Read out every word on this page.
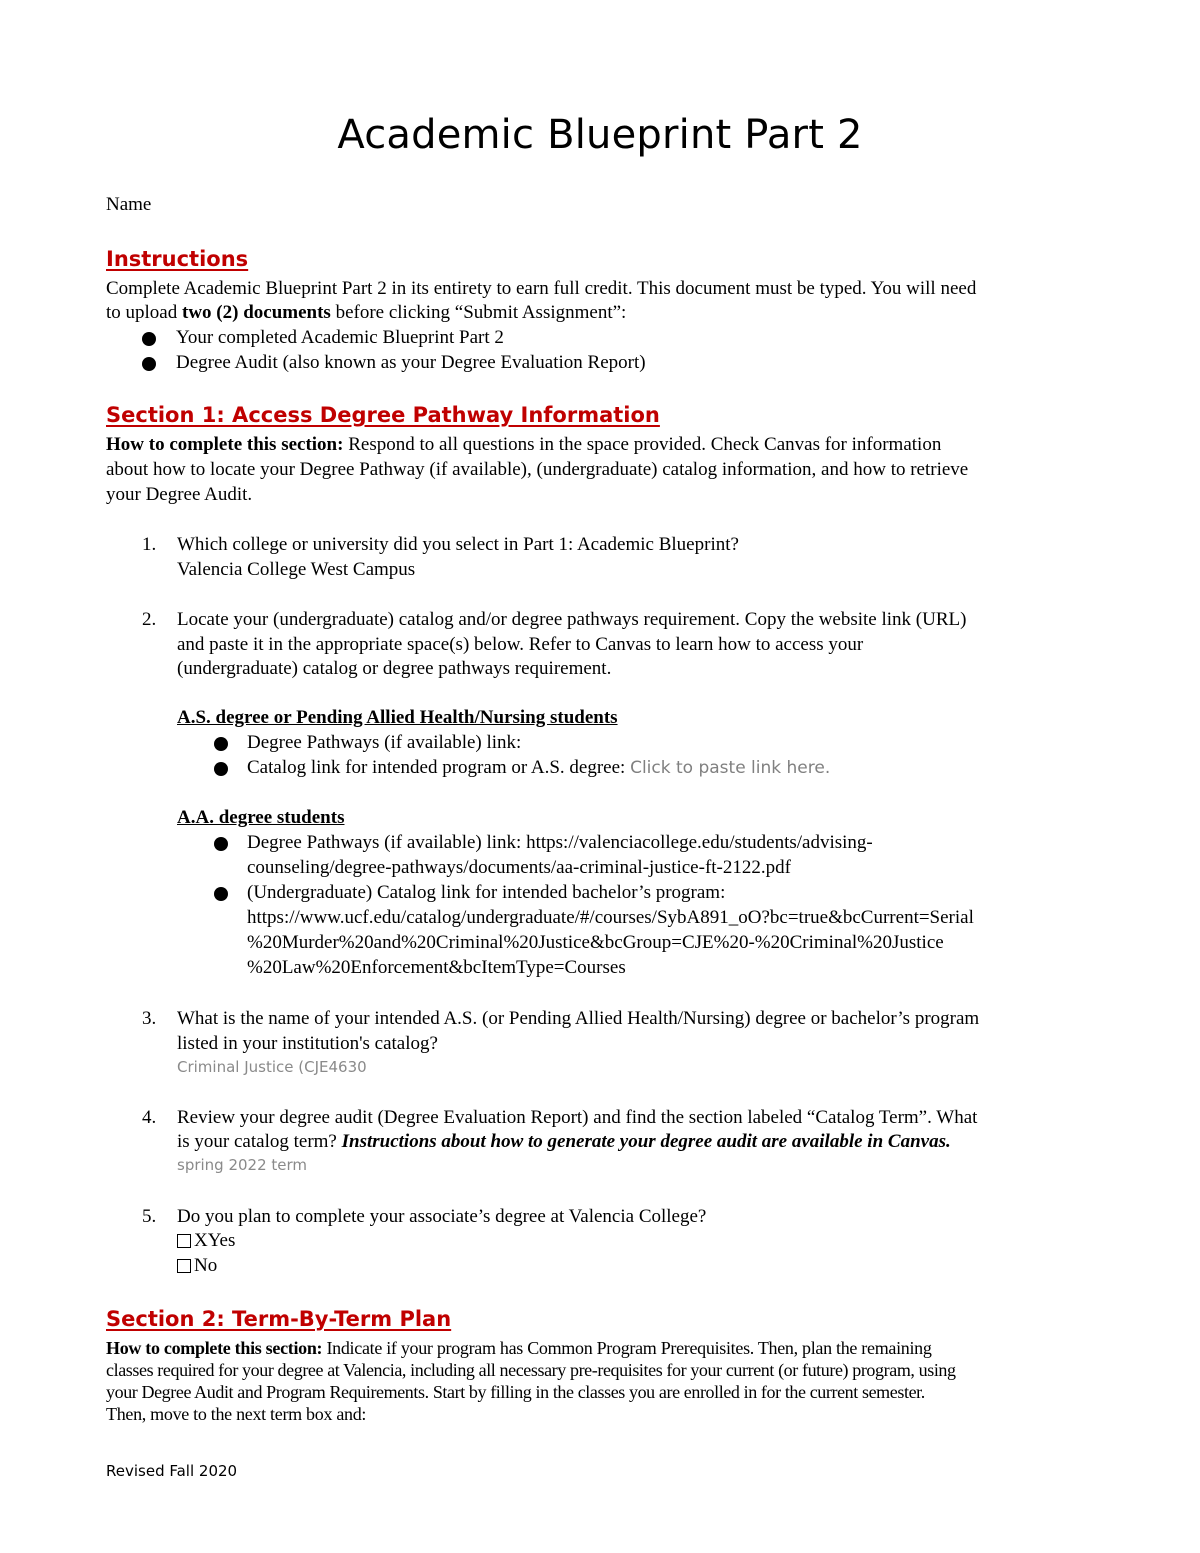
Academic Blueprint Part 2
Name
Instructions
Complete Academic Blueprint Part 2 in its entirety to earn full credit. This document must be typed. You will need
to upload two (2) documents before clicking “Submit Assignment”:
Your completed Academic Blueprint Part 2
Degree Audit (also known as your Degree Evaluation Report)
Section 1: Access Degree Pathway Information
How to complete this section: Respond to all questions in the space provided. Check Canvas for information
about how to locate your Degree Pathway (if available), (undergraduate) catalog information, and how to retrieve
your Degree Audit.
1.	Which college or university did you select in Part 1: Academic Blueprint?
Valencia College West Campus
2.	Locate your (undergraduate) catalog and/or degree pathways requirement. Copy the website link (URL)
and paste it in the appropriate space(s) below. Refer to Canvas to learn how to access your
(undergraduate) catalog or degree pathways requirement.
A.S. degree or Pending Allied Health/Nursing students
Degree Pathways (if available) link:
Catalog link for intended program or A.S. degree: Click to paste link here.
A.A. degree students
Degree Pathways (if available) link: https://valenciacollege.edu/students/advising-
counseling/degree-pathways/documents/aa-criminal-justice-ft-2122.pdf
(Undergraduate) Catalog link for intended bachelor’s program:
https://www.ucf.edu/catalog/undergraduate/#/courses/SybA891_oO?bc=true&bcCurrent=Serial
%20Murder%20and%20Criminal%20Justice&bcGroup=CJE%20-%20Criminal%20Justice
%20Law%20Enforcement&bcItemType=Courses
3.	What is the name of your intended A.S. (or Pending Allied Health/Nursing) degree or bachelor’s program
listed in your institution's catalog?
Criminal Justice (CJE4630
4.	Review your degree audit (Degree Evaluation Report) and find the section labeled “Catalog Term”. What
is your catalog term? Instructions about how to generate your degree audit are available in Canvas.
spring 2022 term
5.	Do you plan to complete your associate’s degree at Valencia College?
XYes
No
Section 2: Term-By-Term Plan
How to complete this section: Indicate if your program has Common Program Prerequisites. Then, plan the remaining
classes required for your degree at Valencia, including all necessary pre-requisites for your current (or future) program, using
your Degree Audit and Program Requirements. Start by filling in the classes you are enrolled in for the current semester.
Then, move to the next term box and:
Revised Fall 2020
